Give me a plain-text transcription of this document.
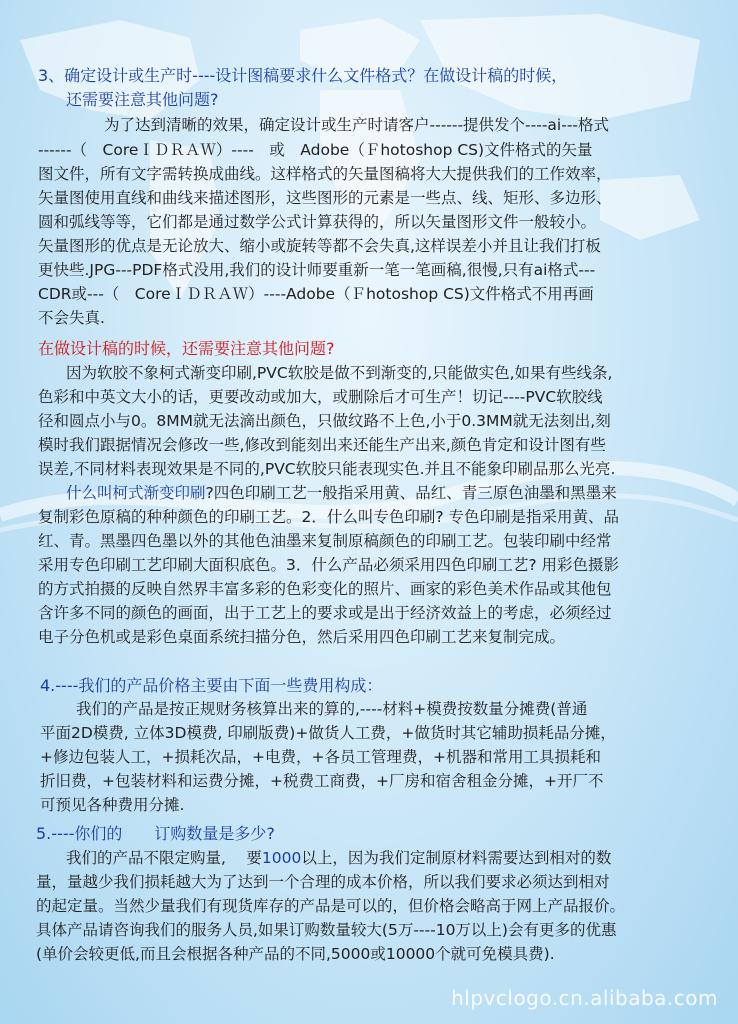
3、确定设计或生产时----设计图稿要求什么文件格式？在做设计稿的时候，
还需要注意其他问题?
为了达到清晰的效果，确定设计或生产时请客户------提供发个----ai---格式
------（　CoreＩＤＲＡＷ）----　或　Adobe（Ｆhotoshop CS)文件格式的矢量
图文件，所有文字需转换成曲线。这样格式的矢量图稿将大大提供我们的工作效率，
矢量图使用直线和曲线来描述图形，这些图形的元素是一些点、线、矩形、多边形、
圆和弧线等等，它们都是通过数学公式计算获得的，所以矢量图形文件一般较小。
矢量图形的优点是无论放大、缩小或旋转等都不会失真,这样误差小并且让我们打板
更快些.JPG---PDF格式没用,我们的设计师要重新一笔一笔画稿,很慢,只有ai格式---
CDR或---（　CoreＩＤＲＡＷ）----Adobe（Ｆhotoshop CS)文件格式不用再画
不会失真.
在做设计稿的时候，还需要注意其他问题?
因为软胶不象柯式渐变印刷,PVC软胶是做不到渐变的,只能做实色,如果有些线条,
色彩和中英文大小的话，更要改动或加大，或删除后才可生产！切记----PVC软胶线
径和圆点小与0。8MM就无法滴出颜色，只做纹路不上色,小于0.3MM就无法刻出,刻
模时我们跟据情况会修改一些,修改到能刻出来还能生产出来,颜色肯定和设计图有些
误差,不同材料表现效果是不同的,PVC软胶只能表现实色.并且不能象印刷品那么光亮.
什么叫柯式渐变印刷?四色印刷工艺一般指采用黄、品红、青三原色油墨和黑墨来
复制彩色原稿的种种颜色的印刷工艺。2．什么叫专色印刷? 专色印刷是指采用黄、品
红、青。黑墨四色墨以外的其他色油墨来复制原稿颜色的印刷工艺。包装印刷中经常
采用专色印刷工艺印刷大面积底色。3．什么产品必须采用四色印刷工艺? 用彩色摄影
的方式拍摄的反映自然界丰富多彩的色彩变化的照片、画家的彩色美术作品或其他包
含许多不同的颜色的画面，出于工艺上的要求或是出于经济效益上的考虑，必须经过
电子分色机或是彩色桌面系统扫描分色，然后采用四色印刷工艺来复制完成。
4.----我们的产品价格主要由下面一些费用构成：
我们的产品是按正规财务核算出来的算的,----材料+模费按数量分摊费(普通
平面2D模费, 立体3D模费, 印刷版费)+做货人工费，+做货时其它辅助损耗品分摊，
+修边包装人工，+损耗次品，+电费，+各员工管理费，+机器和常用工具损耗和
折旧费，+包装材料和运费分摊，+税费工商费，+厂房和宿舍租金分摊，+开厂不
可预见各种费用分摊.
5.----你们的　　订购数量是多少?
我们的产品不限定购量,　 要1000以上，因为我们定制原材料需要达到相对的数
量，量越少我们损耗越大为了达到一个合理的成本价格，所以我们要求必须达到相对
的起定量。当然少量我们有现货库存的产品是可以的，但价格会略高于网上产品报价。
具体产品请咨询我们的服务人员,如果订购数量较大(5万----10万以上)会有更多的优惠
(单价会较更低,而且会根据各种产品的不同,5000或10000个就可免模具费).
hlpvclogo.cn.alibaba.com
